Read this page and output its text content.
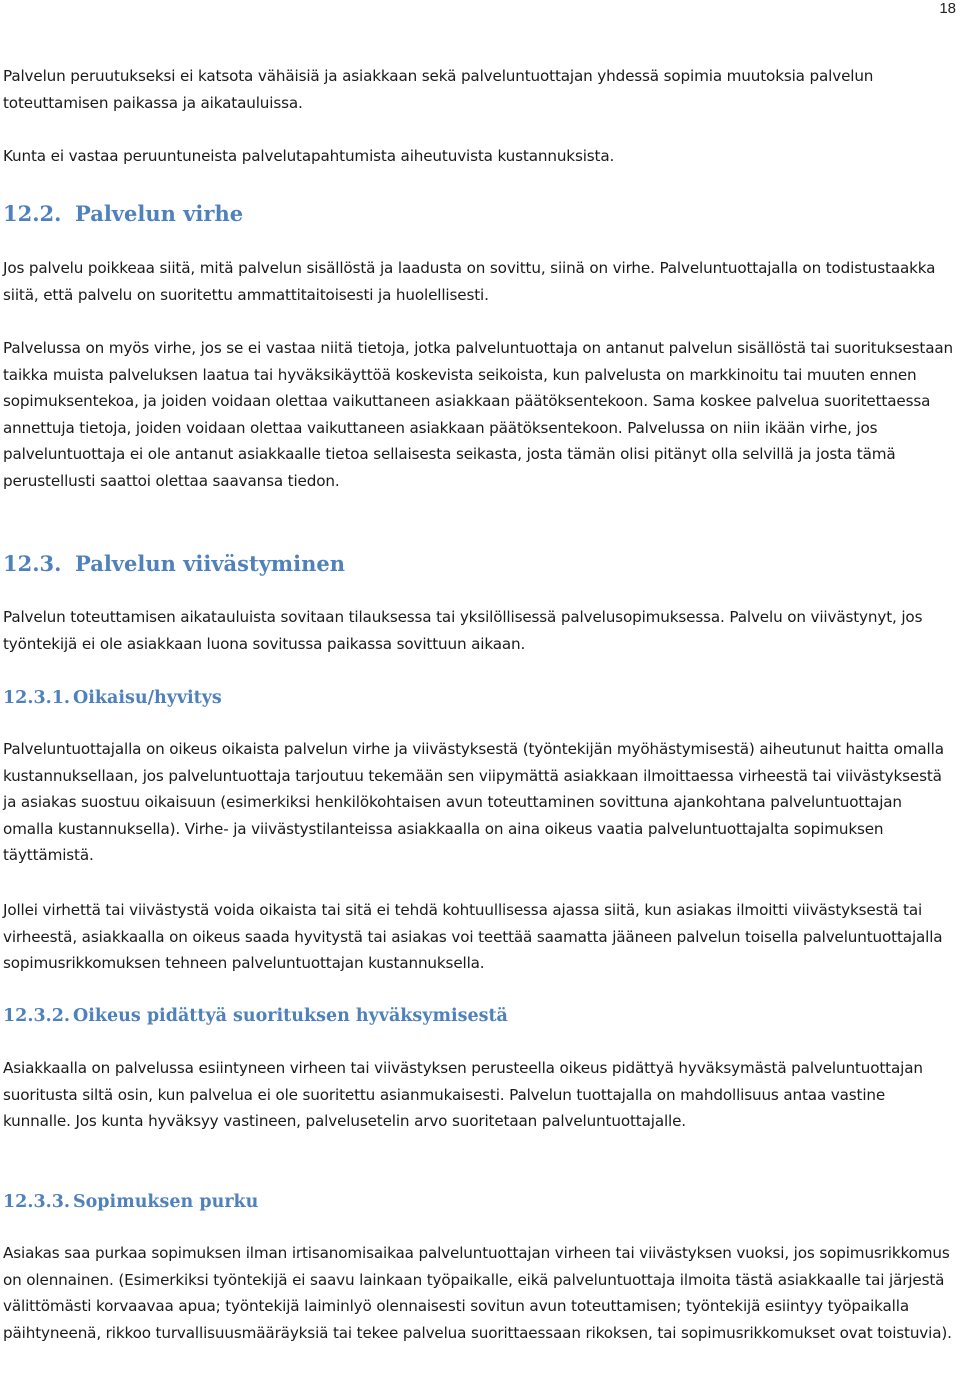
18

Palvelun peruutukseksi ei katsota vähäisiä ja asiakkaan sekä palveluntuottajan yhdessä sopimia muutoksia palvelun toteuttamisen paikassa ja aikatauluissa.

Kunta ei vastaa peruuntuneista palvelutapahtumista aiheutuvista kustannuksista.

12.2. Palvelun virhe

Jos palvelu poikkeaa siitä, mitä palvelun sisällöstä ja laadusta on sovittu, siinä on virhe. Palveluntuottajalla on todistustaakka siitä, että palvelu on suoritettu ammattitaitoisesti ja huolellisesti.

Palvelussa on myös virhe, jos se ei vastaa niitä tietoja, jotka palveluntuottaja on antanut palvelun sisällöstä tai suorituksestaan taikka muista palveluksen laatua tai hyväksikäyttöä koskevista seikoista, kun palvelusta on markkinoitu tai muuten ennen sopimuksentekoa, ja joiden voidaan olettaa vaikuttaneen asiakkaan päätöksentekoon. Sama koskee palvelua suoritettaessa annettuja tietoja, joiden voidaan olettaa vaikuttaneen asiakkaan päätöksentekoon. Palvelussa on niin ikään virhe, jos palveluntuottaja ei ole antanut asiakkaalle tietoa sellaisesta seikasta, josta tämän olisi pitänyt olla selvillä ja josta tämä perustellusti saattoi olettaa saavansa tiedon.

12.3. Palvelun viivästyminen

Palvelun toteuttamisen aikatauluista sovitaan tilauksessa tai yksilöllisessä palvelusopimuksessa. Palvelu on viivästynyt, jos työntekijä ei ole asiakkaan luona sovitussa paikassa sovittuun aikaan.

12.3.1. Oikaisu/hyvitys

Palveluntuottajalla on oikeus oikaista palvelun virhe ja viivästyksestä (työntekijän myöhästymisestä) aiheutunut haitta omalla kustannuksellaan, jos palveluntuottaja tarjoutuu tekemään sen viipymättä asiakkaan ilmoittaessa virheestä tai viivästyksestä ja asiakas suostuu oikaisuun (esimerkiksi henkilökohtaisen avun toteuttaminen sovittuna ajankohtana palveluntuottajan omalla kustannuksella). Virhe- ja viivästystilanteissa asiakkaalla on aina oikeus vaatia palveluntuottajalta sopimuksen täyttämistä.

Jollei virhettä tai viivästystä voida oikaista tai sitä ei tehdä kohtuullisessa ajassa siitä, kun asiakas ilmoitti viivästyksestä tai virheestä, asiakkaalla on oikeus saada hyvitystä tai asiakas voi teettää saamatta jääneen palvelun toisella palveluntuottajalla sopimusrikkomuksen tehneen palveluntuottajan kustannuksella.

12.3.2. Oikeus pidättyä suorituksen hyväksymisestä

Asiakkaalla on palvelussa esiintyneen virheen tai viivästyksen perusteella oikeus pidättyä hyväksymästä palveluntuottajan suoritusta siltä osin, kun palvelua ei ole suoritettu asianmukaisesti. Palvelun tuottajalla on mahdollisuus antaa vastine kunnalle. Jos kunta hyväksyy vastineen, palvelusetelin arvo suoritetaan palveluntuottajalle.

12.3.3. Sopimuksen purku

Asiakas saa purkaa sopimuksen ilman irtisanomisaikaa palveluntuottajan virheen tai viivästyksen vuoksi, jos sopimusrikkomus on olennainen. (Esimerkiksi työntekijä ei saavu lainkaan työpaikalle, eikä palveluntuottaja ilmoita tästä asiakkaalle tai järjestä välittömästi korvaavaa apua; työntekijä laiminlyö olennaisesti sovitun avun toteuttamisen; työntekijä esiintyy työpaikalla päihtyneenä, rikkoo turvallisuusmääräyksiä tai tekee palvelua suorittaessaan rikoksen, tai sopimusrikkomukset ovat toistuvia).
